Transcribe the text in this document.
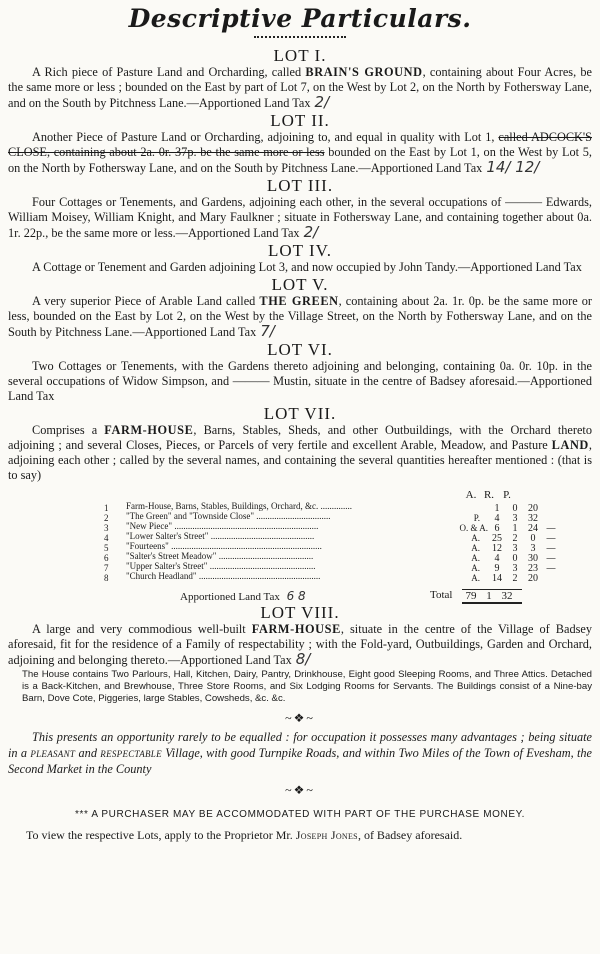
Descriptive Particulars.
LOT I.

A Rich piece of Pasture Land and Orcharding, called BRAIN'S GROUND, containing about Four Acres, be the same more or less ; bounded on the East by part of Lot 7, on the West by Lot 2, on the North by Fothersway Lane, and on the South by Pitchness Lane.—Apportioned Land Tax 2/

LOT II.

Another Piece of Pasture Land or Orcharding, adjoining to, and equal in quality with Lot 1, called ADCOCK'S CLOSE, containing about 2a. 0r. 37p. be the same more or less bounded on the East by Lot 1, on the West by Lot 5, on the North by Fothersway Lane, and on the South by Pitchness Lane.—Apportioned Land Tax 14/ 12/

LOT III.

Four Cottages or Tenements, and Gardens, adjoining each other, in the several occupations of ——— Edwards, William Moisey, William Knight, and Mary Faulkner ; situate in Fothersway Lane, and containing together about 0a. 1r. 22p., be the same more or less.—Apportioned Land Tax 2/

LOT IV.

A Cottage or Tenement and Garden adjoining Lot 3, and now occupied by John Tandy.—Apportioned Land Tax

LOT V.

A very superior Piece of Arable Land called THE GREEN, containing about 2a. 1r. 0p. be the same more or less, bounded on the East by Lot 2, on the West by the Village Street, on the North by Fothersway Lane, and on the South by Pitchness Lane.—Apportioned Land Tax 7/

LOT VI.

Two Cottages or Tenements, with the Gardens thereto adjoining and belonging, containing 0a. 0r. 10p. in the several occupations of Widow Simpson, and ——— Mustin, situate in the centre of Badsey aforesaid.—Apportioned Land Tax

LOT VII.

Comprises a FARM-HOUSE, Barns, Stables, Sheds, and other Outbuildings, with the Orchard thereto adjoining ; and several Closes, Pieces, or Parcels of very fertile and excellent Arable, Meadow, and Pasture LAND, adjoining each other ; called by the several names, and containing the several quantities hereafter mentioned : (that is to say)

A. R. P.
1 Farm-House, Barns, Stables, Buildings, Orchard, &c. ..............	1 0 20
2 "The Green" and "Townside Close" .................................	P. 4 3 32
3 "New Piece" ................................................................	O. & A. 6 1 24 —
4 "Lower Salter's Street" ..............................................	A. 25 2 0 —
5 "Fourteens" ...................................................................	A. 12 3 3 —
6 "Salter's Street Meadow" ..........................................	A. 4 0 30 —
7 "Upper Salter's Street" ...............................................	A. 9 3 23 —
8 "Church Headland" ......................................................	A. 14 2 20
Apportioned Land Tax 6 8	Total	79 1 32
LOT VIII.

A large and very commodious well-built FARM-HOUSE, situate in the centre of the Village of Badsey aforesaid, fit for the residence of a Family of respectability ; with the Fold-yard, Outbuildings, Garden and Orchard, adjoining and belonging thereto.—Apportioned Land Tax 8/

The House contains Two Parlours, Hall, Kitchen, Dairy, Pantry, Drinkhouse, Eight good Sleeping Rooms, and Three Attics. Detached is a Back-Kitchen, and Brewhouse, Three Store Rooms, and Six Lodging Rooms for Servants. The Buildings consist of a Nine-bay Barn, Dove Cote, Piggeries, large Stables, Cowsheds, &c. &c.

~❖~

This presents an opportunity rarely to be equalled : for occupation it possesses many advantages ; being situate in a pleasant and respectable Village, with good Turnpike Roads, and within Two Miles of the Town of Evesham, the Second Market in the County

~❖~
*** A PURCHASER MAY BE ACCOMMODATED WITH PART OF THE PURCHASE MONEY.
To view the respective Lots, apply to the Proprietor Mr. Joseph Jones, of Badsey aforesaid.
